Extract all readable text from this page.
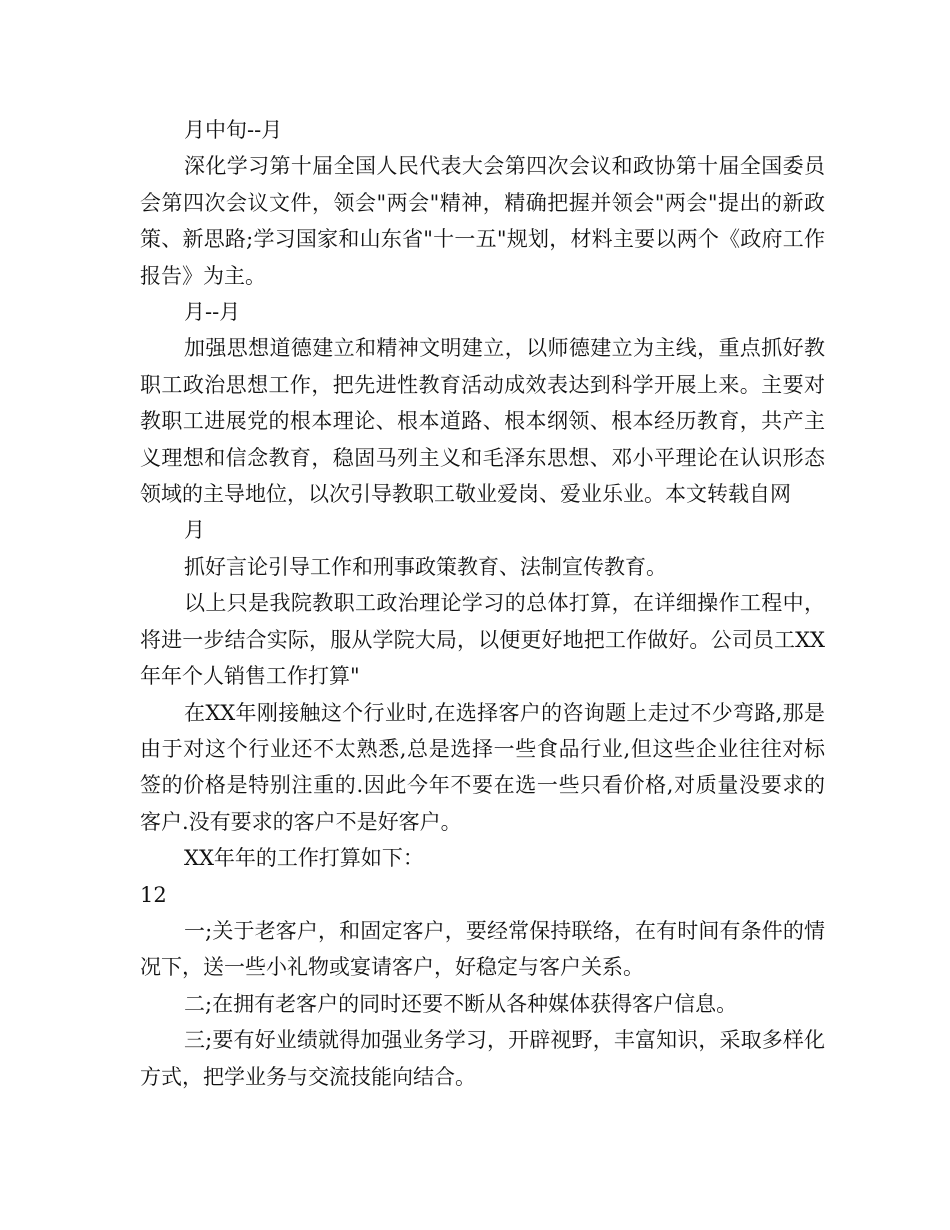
月中旬--月

深化学习第十届全国人民代表大会第四次会议和政协第十届全国委员会第四次会议文件，领会"两会"精神，精确把握并领会"两会"提出的新政策、新思路;学习国家和山东省"十一五"规划，材料主要以两个《政府工作报告》为主。

月--月

加强思想道德建立和精神文明建立，以师德建立为主线，重点抓好教职工政治思想工作，把先进性教育活动成效表达到科学开展上来。主要对教职工进展党的根本理论、根本道路、根本纲领、根本经历教育，共产主义理想和信念教育，稳固马列主义和毛泽东思想、邓小平理论在认识形态领域的主导地位，以次引导教职工敬业爱岗、爱业乐业。本文转载自网

月

抓好言论引导工作和刑事政策教育、法制宣传教育。

以上只是我院教职工政治理论学习的总体打算，在详细操作工程中，将进一步结合实际，服从学院大局，以便更好地把工作做好。公司员工XX年年个人销售工作打算"

在XX年刚接触这个行业时,在选择客户的咨询题上走过不少弯路,那是由于对这个行业还不太熟悉,总是选择一些食品行业,但这些企业往往对标签的价格是特别注重的.因此今年不要在选一些只看价格,对质量没要求的客户.没有要求的客户不是好客户。

XX年年的工作打算如下：

12

一;关于老客户，和固定客户，要经常保持联络，在有时间有条件的情况下，送一些小礼物或宴请客户，好稳定与客户关系。

二;在拥有老客户的同时还要不断从各种媒体获得客户信息。

三;要有好业绩就得加强业务学习，开辟视野，丰富知识，采取多样化方式，把学业务与交流技能向结合。
